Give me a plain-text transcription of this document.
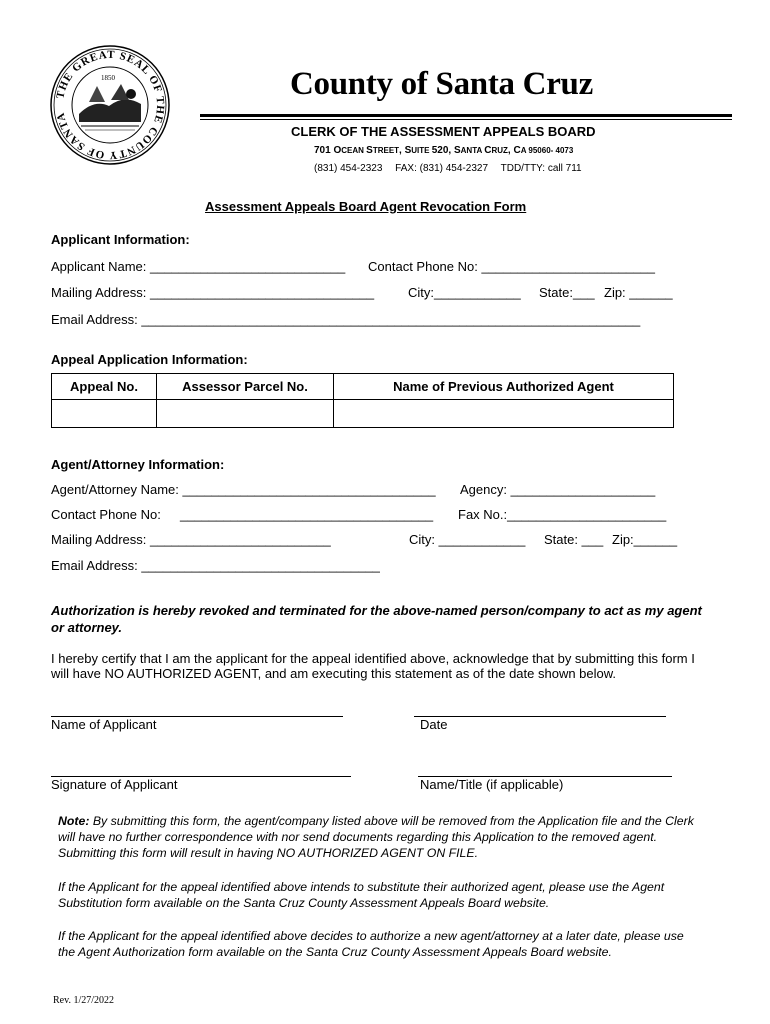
THE GREAT SEAL OF THE COUNTY OF SANTA
1850	County of Santa Cruz
CLERK OF THE ASSESSMENT APPEALS BOARD
701 OCEAN STREET, SUITE 520, SANTA CRUZ, CA 95060- 4073
(831) 454-2323 FAX: (831) 454-2327 TDD/TTY: call 711
Assessment Appeals Board Agent Revocation Form
Applicant Information:
Applicant Name: ___________________________ Contact Phone No: ________________________
Mailing Address: _______________________________	City:____________ State:___ Zip: ______
Email Address: _____________________________________________________________________
Appeal Application Information:
Appeal No.	Assessor Parcel No.	Name of Previous Authorized Agent

Agent/Attorney Information:
Agent/Attorney Name: ___________________________________ Agency: ____________________
Contact Phone No: ___________________________________ Fax No.:______________________
Mailing Address: _________________________	City: ____________ State: ___ Zip:______
Email Address: _________________________________
Authorization is hereby revoked and terminated for the above-named person/company to act as my agent or attorney.
I hereby certify that I am the applicant for the appeal identified above, acknowledge that by submitting this form I will have NO AUTHORIZED AGENT, and am executing this statement as of the date shown below.
Name of Applicant	Date
Signature of Applicant	Name/Title (if applicable)
Note: By submitting this form, the agent/company listed above will be removed from the Application file and the Clerk will have no further correspondence with nor send documents regarding this Application to the removed agent. Submitting this form will result in having NO AUTHORIZED AGENT ON FILE.
If the Applicant for the appeal identified above intends to substitute their authorized agent, please use the Agent Substitution form available on the Santa Cruz County Assessment Appeals Board website.
If the Applicant for the appeal identified above decides to authorize a new agent/attorney at a later date, please use the Agent Authorization form available on the Santa Cruz County Assessment Appeals Board website.
Rev. 1/27/2022
